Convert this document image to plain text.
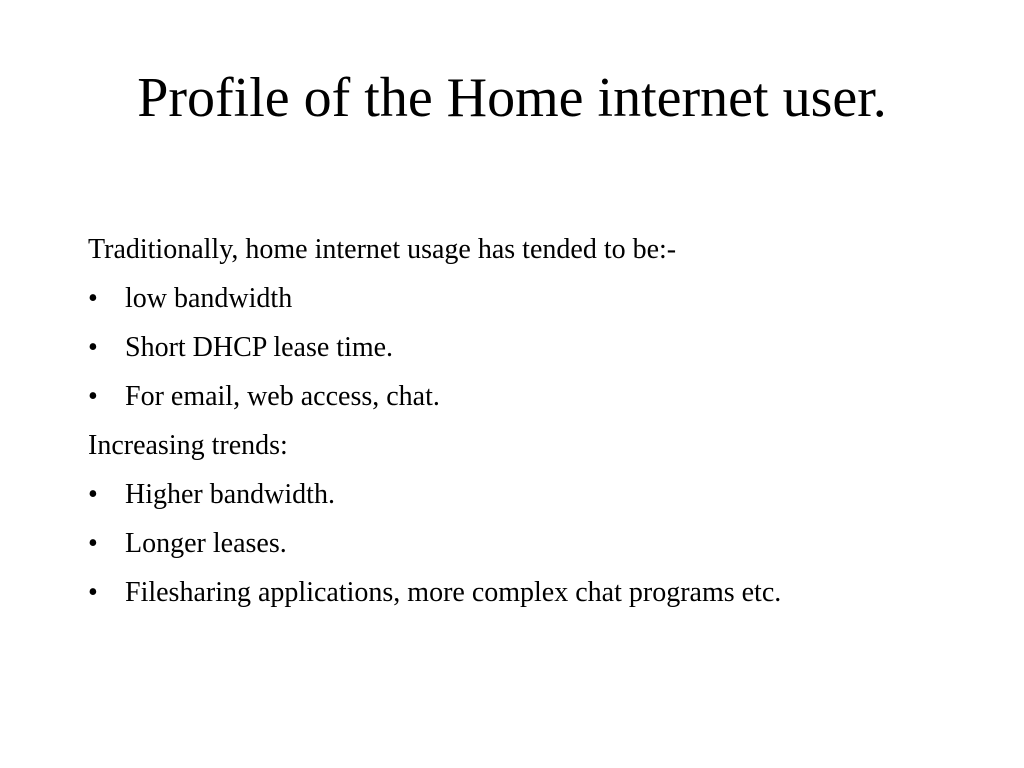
Profile of the Home internet user.
Traditionally, home internet usage has tended to be:-
• low bandwidth
• Short DHCP lease time.
• For email, web access, chat.
Increasing trends:
• Higher bandwidth.
• Longer leases.
• Filesharing applications, more complex chat programs etc.
